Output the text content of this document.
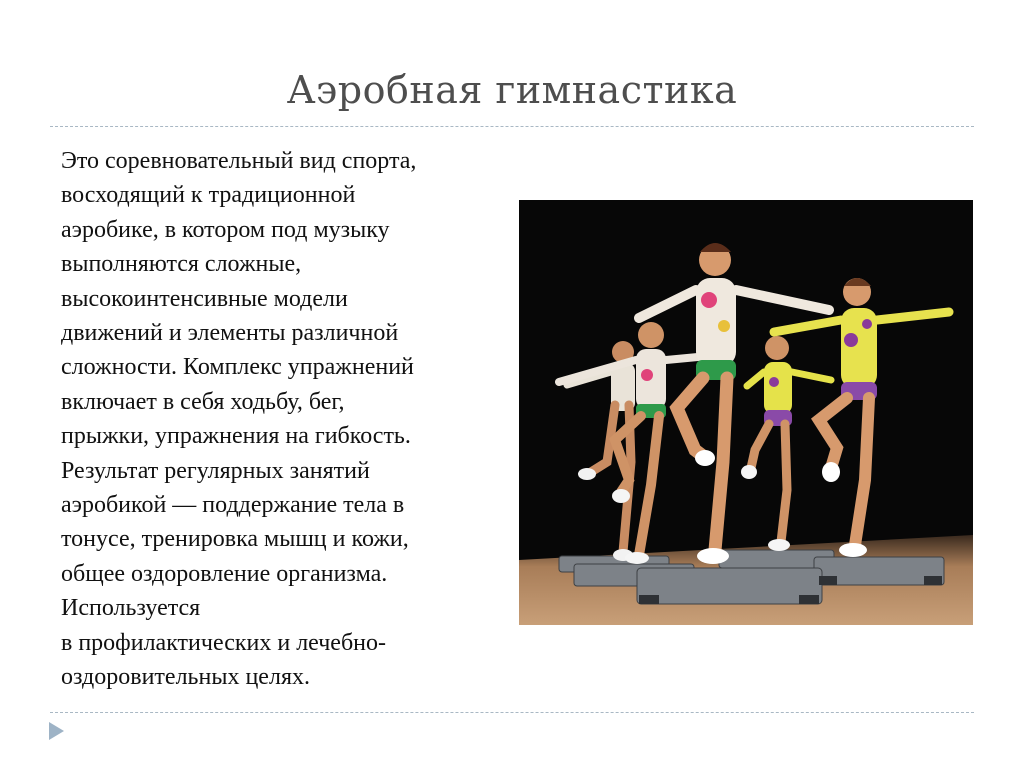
Аэробная гимнастика
Это соревновательный вид спорта,
восходящий к традиционной
аэробике, в котором под музыку
выполняются сложные,
высокоинтенсивные модели
движений и элементы различной
сложности. Комплекс упражнений
включает в себя ходьбу, бег,
прыжки, упражнения на гибкость.
Результат регулярных занятий
аэробикой — поддержание тела в
тонусе, тренировка мышц и кожи,
общее оздоровление организма.
Используется
в профилактических и лечебно-
оздоровительных целях.
